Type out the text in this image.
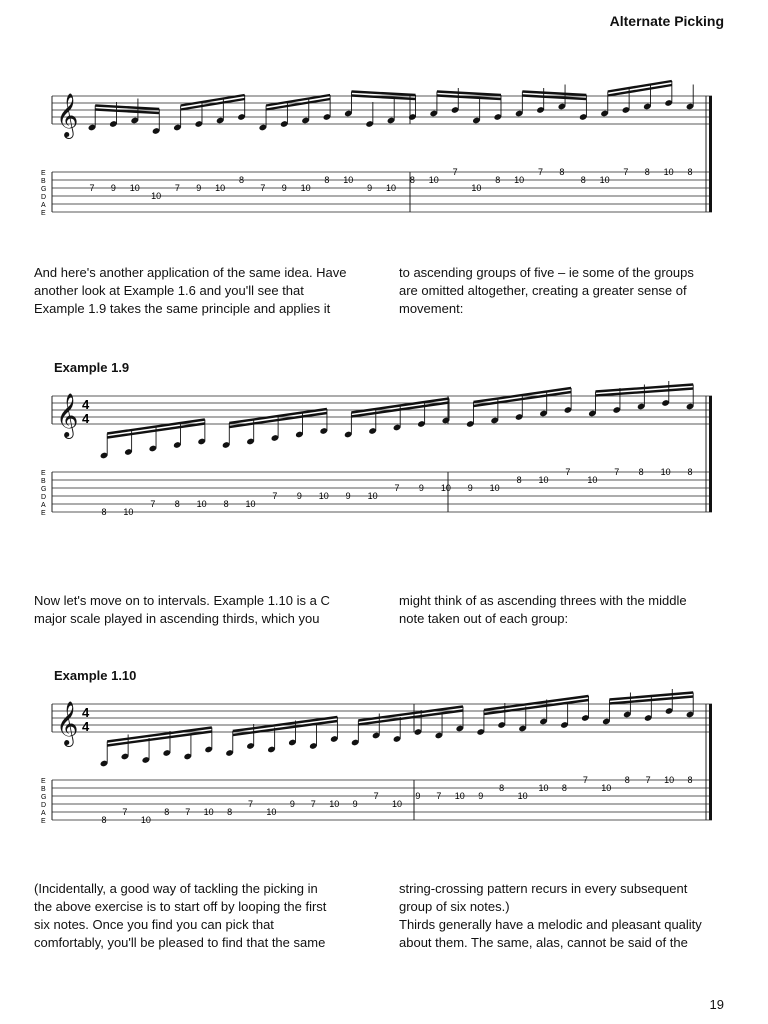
Alternate Picking
𝄞
E
B
G
D
A
E
7 9 10
10
7 9 10
8
7 9 10
8 10
9 10
8 10
7
10
8 10
7 8
8 10
7 8 10 8
And here's another application of the same idea. Have
another look at Example 1.6 and you'll see that
Example 1.9 takes the same principle and applies it
to ascending groups of five – ie some of the groups
are omitted altogether, creating a greater sense of
movement:
Example 1.9
𝄞 4
4
E
B
G
D
A
E	8 10
7 8 10 8 10
7 9 10 9 10
7 9 10 9 10
8 10
7
10
7 8 10 8
Now let's move on to intervals. Example 1.10 is a C
major scale played in ascending thirds, which you
might think of as ascending threes with the middle
note taken out of each group:
Example 1.10
𝄞 4
4
E
B
G
D
A
E	8
7
10
8 7 10 8
7
10
9 7 10 9
7
10
9 7 10 9
8
10
10 8
7
10
8 7 10 8
(Incidentally, a good way of tackling the picking in
the above exercise is to start off by looping the first
six notes. Once you find you can pick that
comfortably, you'll be pleased to find that the same
string-crossing pattern recurs in every subsequent
group of six notes.)
Thirds generally have a melodic and pleasant quality
about them. The same, alas, cannot be said of the
19
